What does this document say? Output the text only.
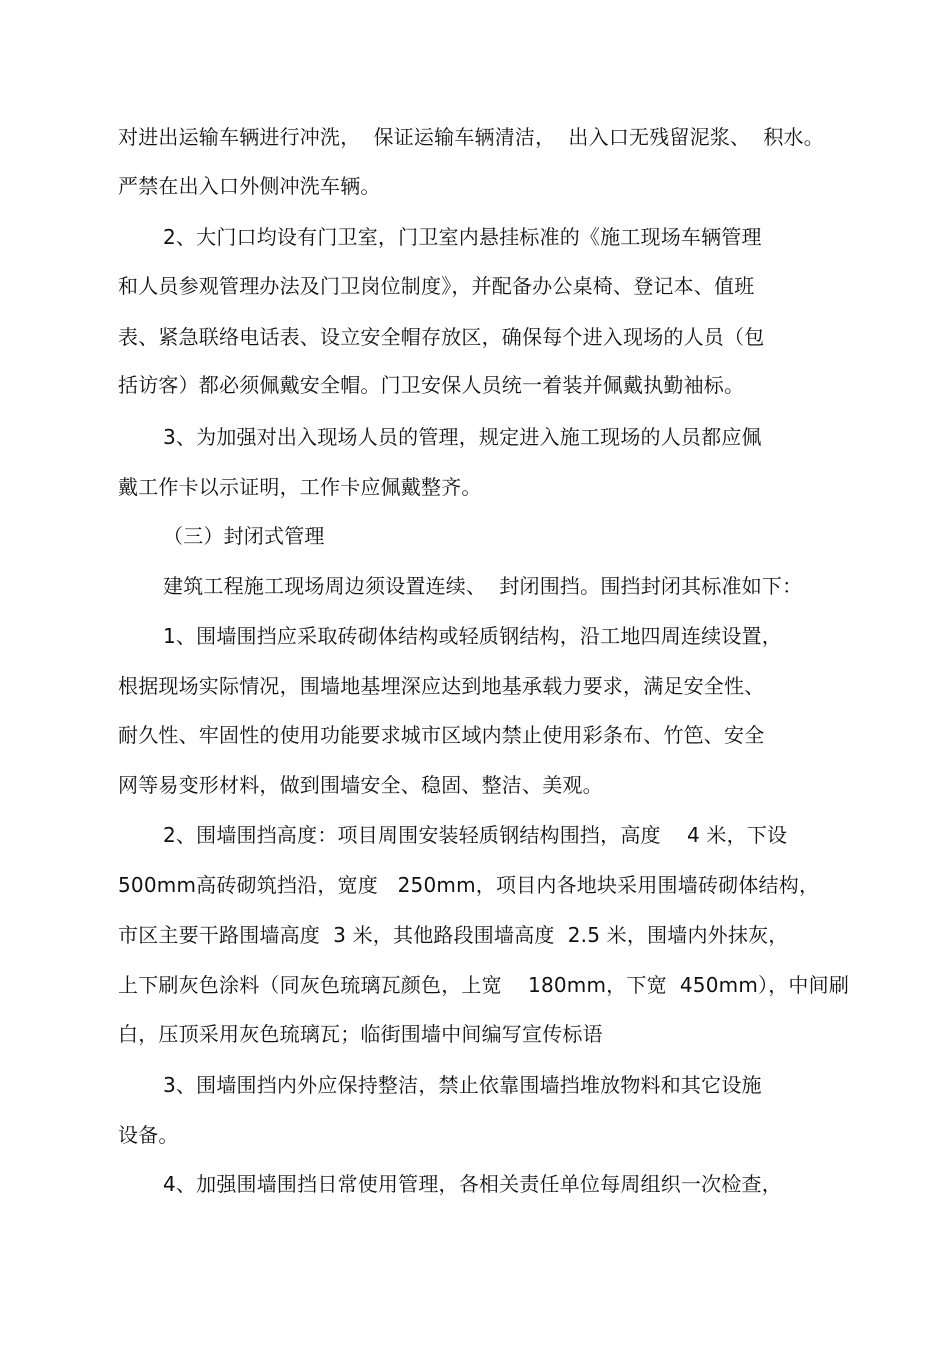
对进出运输车辆进行冲洗，  保证运输车辆清洁，  出入口无残留泥浆、  积水。
严禁在出入口外侧冲洗车辆。
2、大门口均设有门卫室，门卫室内悬挂标准的《施工现场车辆管理
和人员参观管理办法及门卫岗位制度》，并配备办公桌椅、登记本、值班
表、紧急联络电话表、设立安全帽存放区，确保每个进入现场的人员（包
括访客）都必须佩戴安全帽。门卫安保人员统一着装并佩戴执勤袖标。
3、为加强对出入现场人员的管理，规定进入施工现场的人员都应佩
戴工作卡以示证明，工作卡应佩戴整齐。
（三）封闭式管理
建筑工程施工现场周边须设置连续、  封闭围挡。围挡封闭其标准如下：
1、围墙围挡应采取砖砌体结构或轻质钢结构，沿工地四周连续设置，
根据现场实际情况，围墙地基埋深应达到地基承载力要求，满足安全性、
耐久性、牢固性的使用功能要求城市区域内禁止使用彩条布、竹笆、安全
网等易变形材料，做到围墙安全、稳固、整洁、美观。
2、围墙围挡高度：项目周围安装轻质钢结构围挡，高度    4 米，下设
500mm高砖砌筑挡沿，宽度   250mm，项目内各地块采用围墙砖砌体结构，
市区主要干路围墙高度  3 米，其他路段围墙高度  2.5 米，围墙内外抹灰，
上下刷灰色涂料（同灰色琉璃瓦颜色，上宽    180mm，下宽  450mm），中间刷
白，压顶采用灰色琉璃瓦；临街围墙中间编写宣传标语
3、围墙围挡内外应保持整洁，禁止依靠围墙挡堆放物料和其它设施
设备。
4、加强围墙围挡日常使用管理，各相关责任单位每周组织一次检查，
